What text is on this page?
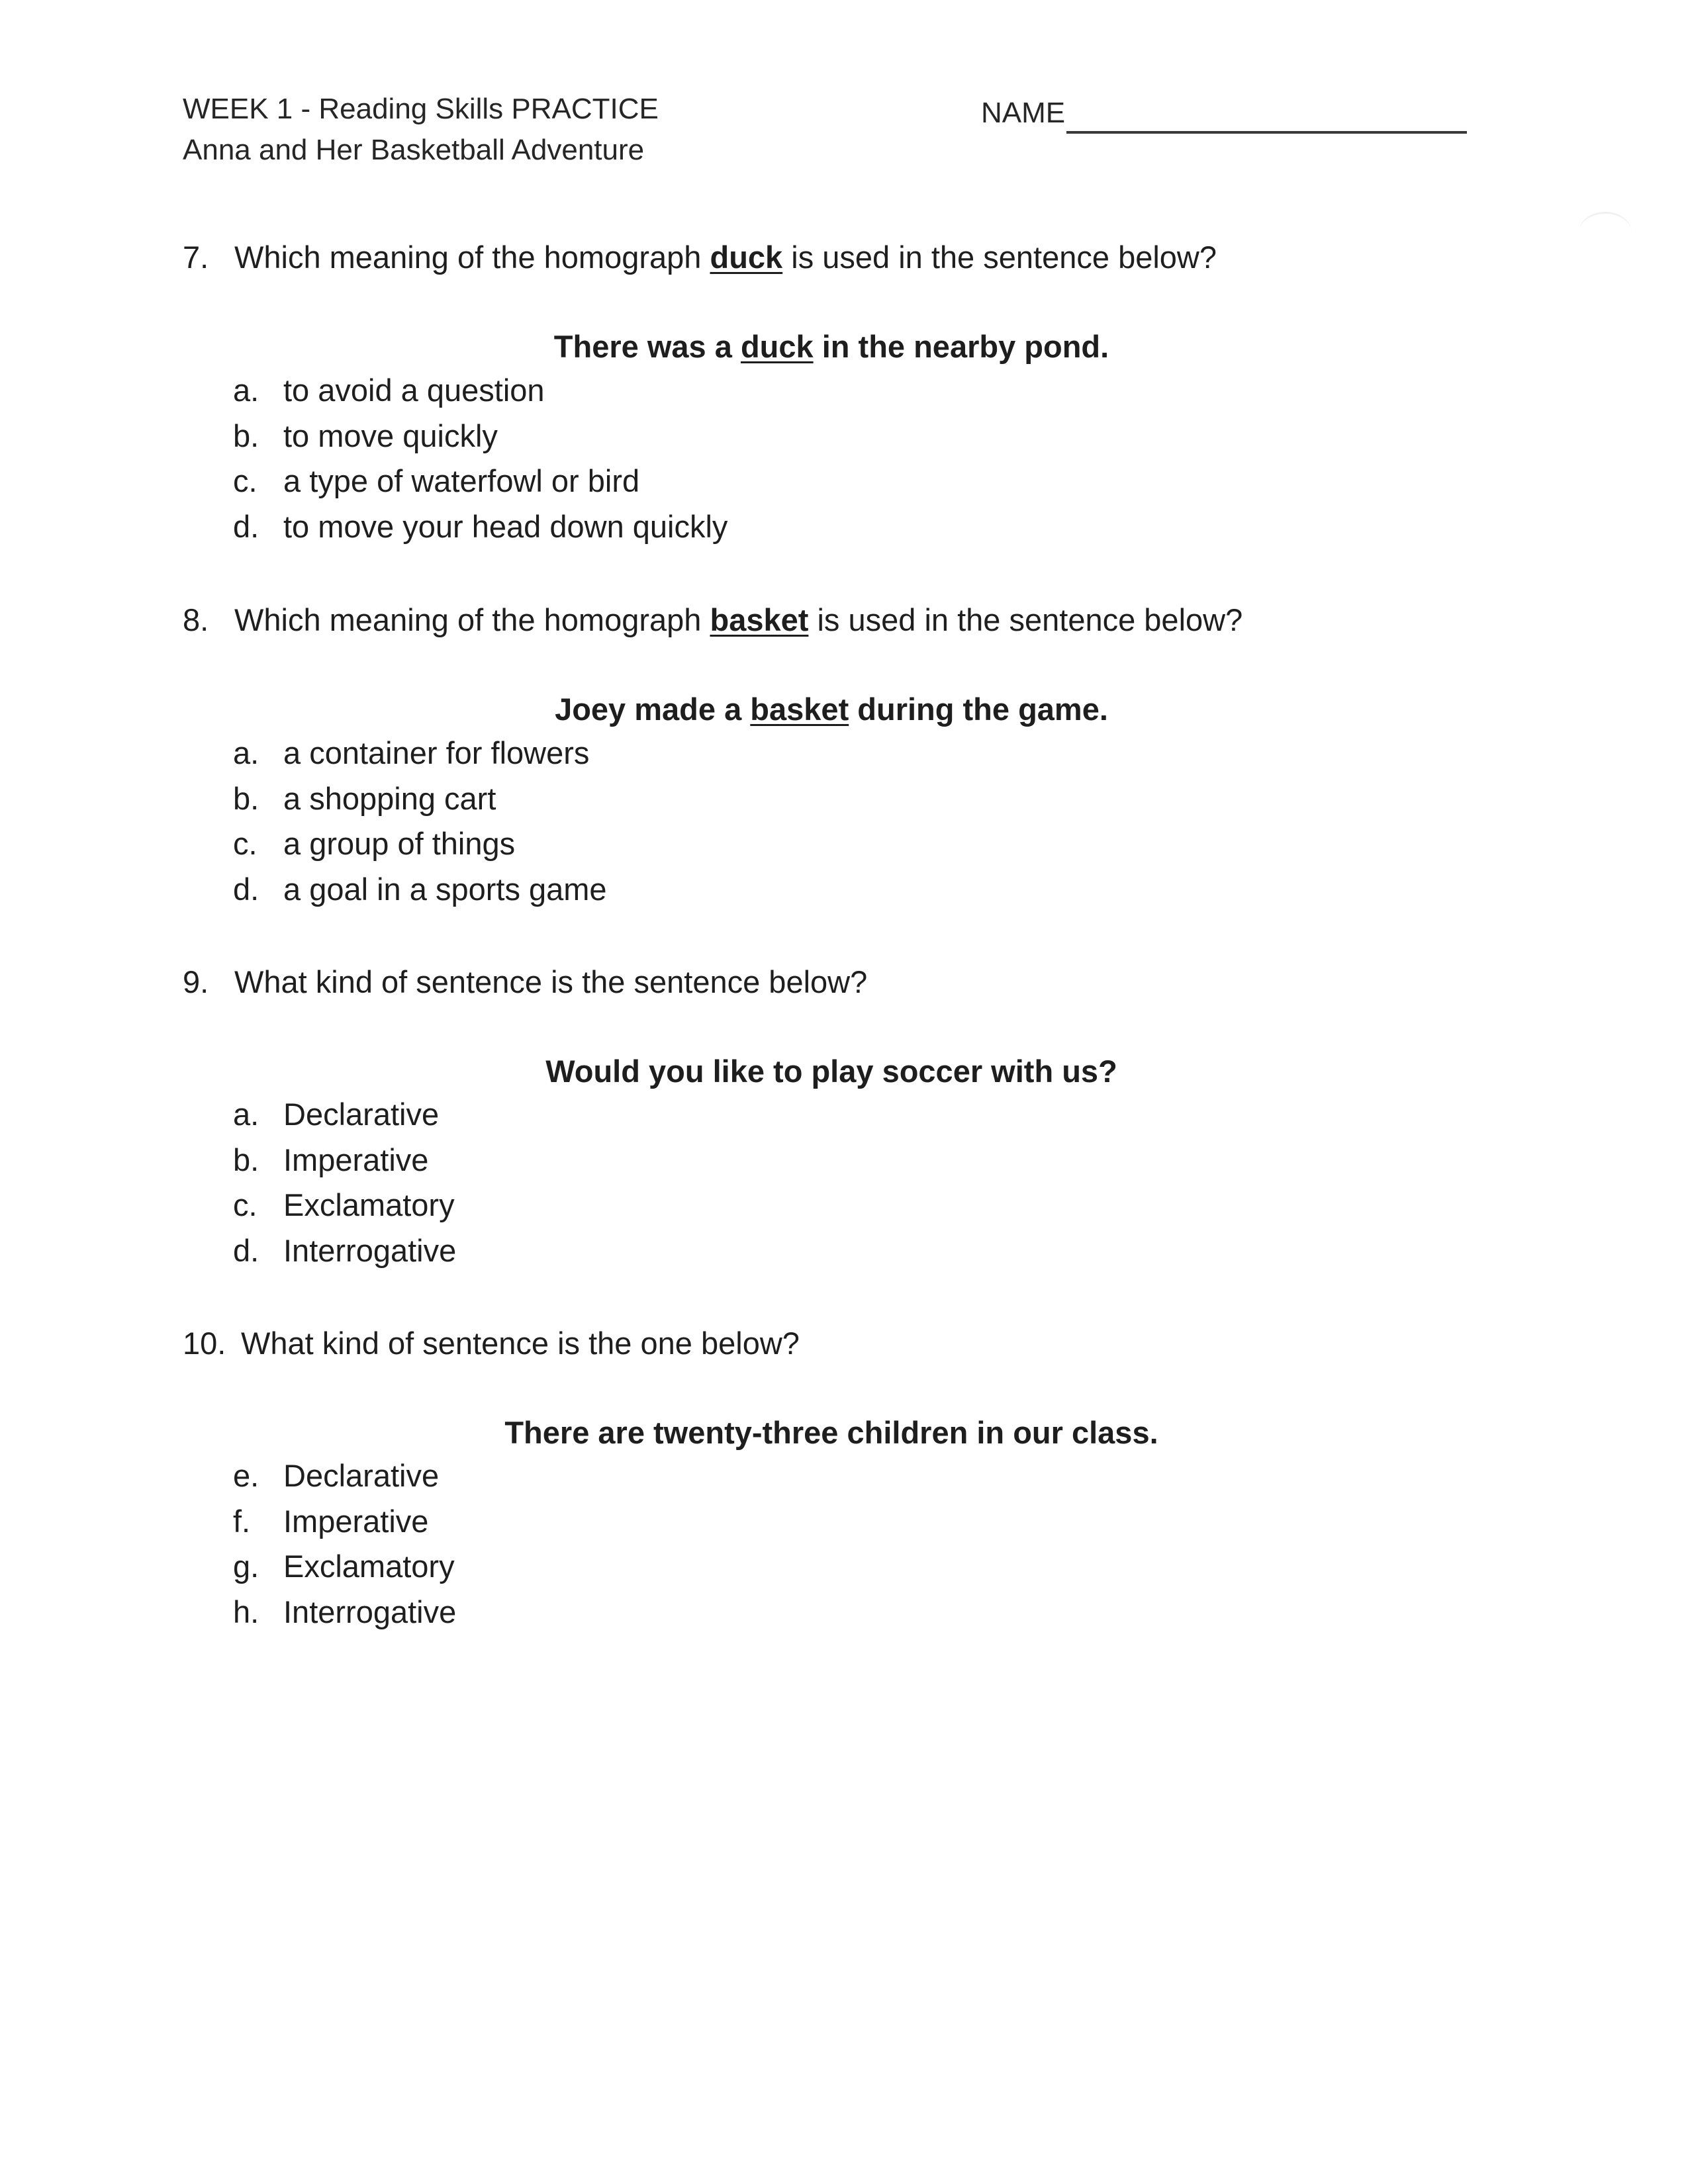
WEEK 1 - Reading Skills PRACTICE
Anna and Her Basketball Adventure
NAME
7. Which meaning of the homograph duck is used in the sentence below?
There was a duck in the nearby pond.
a. to avoid a question
b. to move quickly
c. a type of waterfowl or bird
d. to move your head down quickly
8. Which meaning of the homograph basket is used in the sentence below?
Joey made a basket during the game.
a. a container for flowers
b. a shopping cart
c. a group of things
d. a goal in a sports game
9. What kind of sentence is the sentence below?
Would you like to play soccer with us?
a. Declarative
b. Imperative
c. Exclamatory
d. Interrogative
10. What kind of sentence is the one below?
There are twenty-three children in our class.
e. Declarative
f. Imperative
g. Exclamatory
h. Interrogative
